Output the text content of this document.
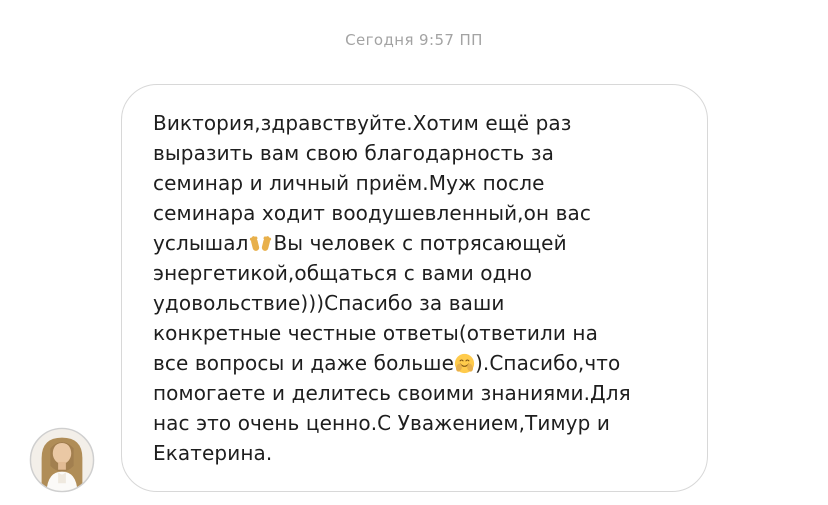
Сегодня 9:57 ПП
Виктория,здравствуйте.Хотим ещё раз
выразить вам свою благодарность за
семинар и личный приём.Муж после
семинара ходит воодушевленный,он вас
услышал Вы человек с потрясающей
энергетикой,общаться с вами одно
удовольствие)))Спасибо за ваши
конкретные честные ответы(ответили на
все вопросы и даже больше ).Спасибо,что
помогаете и делитесь своими знаниями.Для
нас это очень ценно.С Уважением,Тимур и
Екатерина.
